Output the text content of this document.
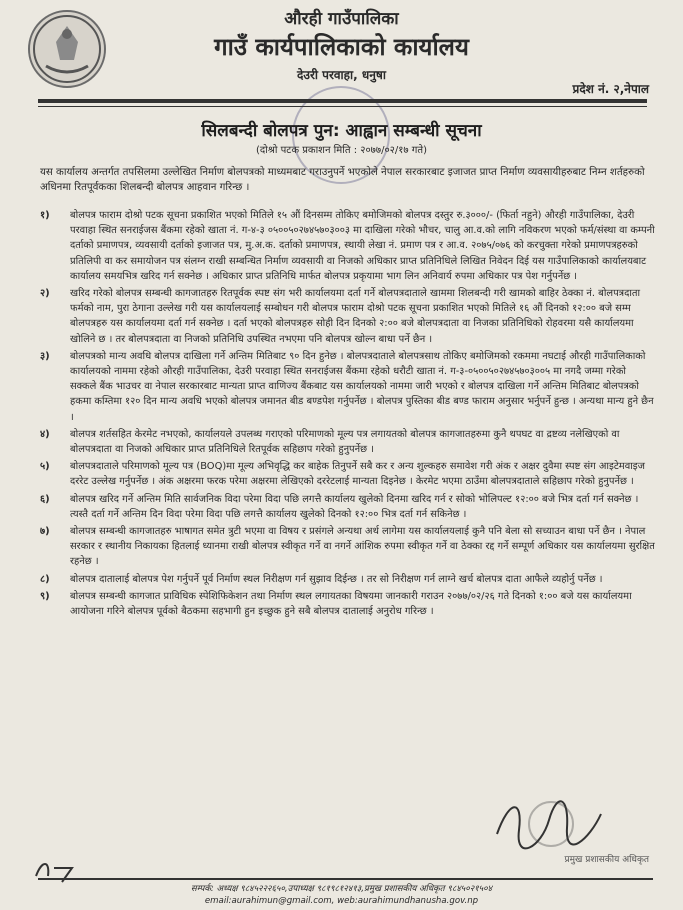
औरही गाउँपालिका
गाउँ कार्यपालिकाको कार्यालय
देउरी परवाहा, धनुषा
प्रदेश नं. २,नेपाल
सिलबन्दी बोलपत्र पुन: आह्वान सम्बन्धी सूचना
(दोश्रो पटक प्रकाशन मिति : २०७७/०२/१७ गते)
यस कार्यालय अन्तर्गत तपसिलमा उल्लेखित निर्माण बोलपत्रको माध्यमबाट गराउनुपर्ने भएकोले नेपाल सरकारबाट इजाजत प्राप्त निर्माण व्यवसायीहरुबाट निम्न शर्तहरुको अधिनमा रितपूर्वकका शिलबन्दी बोलपत्र आहवान गरिन्छ ।
१)	बोलपत्र फाराम दोश्रो पटक सूचना प्रकाशित भएको मितिले १५ औं दिनसम्म तोकिए बमोजिमको बोलपत्र दस्तुर रु.३०००/- (फिर्ता नहुने) औरही गाउँपालिका, देउरी परवाहा स्थित सनराईजस बैंकमा रहेको खाता नं. ग-४-३ ०५००५०२७४५७०३००३ मा दाखिला गरेको भौचर, चालु आ.व.को लागि नविकरण भएको फर्म/संस्था वा कम्पनी दर्ताको प्रमाणपत्र, व्यवसायी दर्ताको इजाजत पत्र, मु.अ.क. दर्ताको प्रमाणपत्र, स्थायी लेखा नं. प्रमाण पत्र र आ.व. २०७५/०७६ को करचुक्ता गरेको प्रमाणपत्रहरुको प्रतिलिपी वा कर समायोजन पत्र संलग्न राखी सम्बन्धित निर्माण व्यवसायी वा निजको अधिकार प्राप्त प्रतिनिधिले लिखित निवेदन दिई यस गाउँपालिकाको कार्यालयबाट कार्यालय समयभित्र खरिद गर्न सक्नेछ । अधिकार प्राप्त प्रतिनिधि मार्फत बोलपत्र प्रकृयामा भाग लिन अनिवार्य रुपमा अधिकार पत्र पेश गर्नुपर्नेछ ।
२)	खरिद गरेको बोलपत्र सम्बन्धी कागजातहरु रितपूर्वक स्पष्ट संग भरी कार्यालयमा दर्ता गर्ने बोलपत्रदाताले खाममा शिलबन्दी गरी खामको बाहिर ठेक्का नं. बोलपत्रदाता फर्मको नाम, पुरा ठेगाना उल्लेख गरी यस कार्यालयलाई सम्बोधन गरी बोलपत्र फाराम दोश्रो पटक सूचना प्रकाशित भएको मितिले १६ औं दिनको १२:०० बजे सम्म बोलपत्रहरु यस कार्यालयमा दर्ता गर्न सक्नेछ । दर्ता भएको बोलपत्रहरु सोही दिन दिनको २:०० बजे बोलपत्रदाता वा निजका प्रतिनिधिको रोहवरमा यसै कार्यालयमा खोलिने छ । तर बोलपत्रदाता वा निजको प्रतिनिधि उपस्थित नभएमा पनि बोलपत्र खोल्न बाधा पर्ने छैन ।
३)	बोलपत्रको मान्य अवधि बोलपत्र दाखिला गर्ने अन्तिम मितिबाट ९० दिन हुनेछ । बोलपत्रदाताले बोलपत्रसाथ तोकिए बमोजिमको रकममा नघटाई औरही गाउँपालिकाको कार्यालयको नाममा रहेको औरही गाउँपालिका, देउरी परवाहा स्थित सनराईजस बैंकमा रहेको धरौटी खाता नं. ग-३-०५००५०२७४५७०३००५ मा नगदै जम्मा गरेको सक्कले बैंक भाउचर वा नेपाल सरकारबाट मान्यता प्राप्त वाणिज्य बैंकबाट यस कार्यालयको नाममा जारी भएको र बोलपत्र दाखिला गर्ने अन्तिम मितिबाट बोलपत्रको हकमा कम्तिमा १२० दिन मान्य अवधि भएको बोलपत्र जमानत बीड बण्डपेश गर्नुपर्नेछ । बोलपत्र पुस्तिका बीड बण्ड फाराम अनुसार भर्नुपर्ने हुन्छ । अन्यथा मान्य हुने छैन ।
४)	बोलपत्र शर्तसहित केरमेट नभएको, कार्यालयले उपलब्ध गराएको परिमाणको मूल्य पत्र लगायतको बोलपत्र कागजातहरुमा कुनै थपघट वा द्रष्टव्य नलेखिएको वा बोलपत्रदाता वा निजको अधिकार प्राप्त प्रतिनिधिले रितपूर्वक सहिछाप गरेको हुनुपर्नेछ ।
५)	बोलपत्रदाताले परिमाणको मूल्य पत्र (BOQ)मा मूल्य अभिवृद्धि कर बाहेक तिनुपर्ने सबै कर र अन्य शुल्कहरु समावेश गरी अंक र अक्षर दुवैमा स्पष्ट संग आइटेमवाइज दररेट उल्लेख गर्नुपर्नेछ । अंक अक्षरमा फरक परेमा अक्षरमा लेखिएको दररेटलाई मान्यता दिइनेछ । केरमेट भएमा ठाउँमा बोलपत्रदाताले सहिछाप गरेको हुनुपर्नेछ ।
६)	बोलपत्र खरिद गर्ने अन्तिम मिति सार्वजनिक विदा परेमा विदा पछि लगत्तै कार्यालय खुलेको दिनमा खरिद गर्न र सोको भोलिपल्ट १२:०० बजे भित्र दर्ता गर्न सक्नेछ । त्यस्तै दर्ता गर्ने अन्तिम दिन विदा परेमा विदा पछि लगत्तै कार्यालय खुलेको दिनको १२:०० भित्र दर्ता गर्न सकिनेछ ।
७)	बोलपत्र सम्बन्धी कागजातहरु भाषागत समेत त्रुटी भएमा वा विषय र प्रसंगले अन्यथा अर्थ लागेमा यस कार्यालयलाई कुनै पनि बेला सो सच्याउन बाधा पर्ने छैन । नेपाल सरकार र स्थानीय निकायका हितलाई ध्यानमा राखी बोलपत्र स्वीकृत गर्ने वा नगर्ने आंशिक रुपमा स्वीकृत गर्ने वा ठेक्का रद्द गर्ने सम्पूर्ण अधिकार यस कार्यालयमा सुरक्षित रहनेछ ।
८)	बोलपत्र दातालाई बोलपत्र पेश गर्नुपर्ने पूर्व निर्माण स्थल निरीक्षण गर्न सुझाव दिईन्छ । तर सो निरीक्षण गर्न लाग्ने खर्च बोलपत्र दाता आफैले व्यहोर्नु पर्नेछ ।
९)	बोलपत्र सम्बन्धी कागजात प्राविधिक स्पेशिफिकेशन तथा निर्माण स्थल लगायतका विषयमा जानकारी गराउन २०७७/०२/२६ गते दिनको १:०० बजे यस कार्यालयमा आयोजना गरिने बोलपत्र पूर्वको बैठकमा सहभागी हुन इच्छुक हुने सबै बोलपत्र दातालाई अनुरोध गरिन्छ ।
प्रमुख प्रशासकीय अधिकृत
सम्पर्क: अध्यक्ष ९८४५२२२६५०,उपाध्यक्ष ९८१९८१२४१३,प्रमुख प्रशासकीय अधिकृत ९८४५०२१५०४
email:aurahimun@gmail.com, web:aurahimundhanusha.gov.np
